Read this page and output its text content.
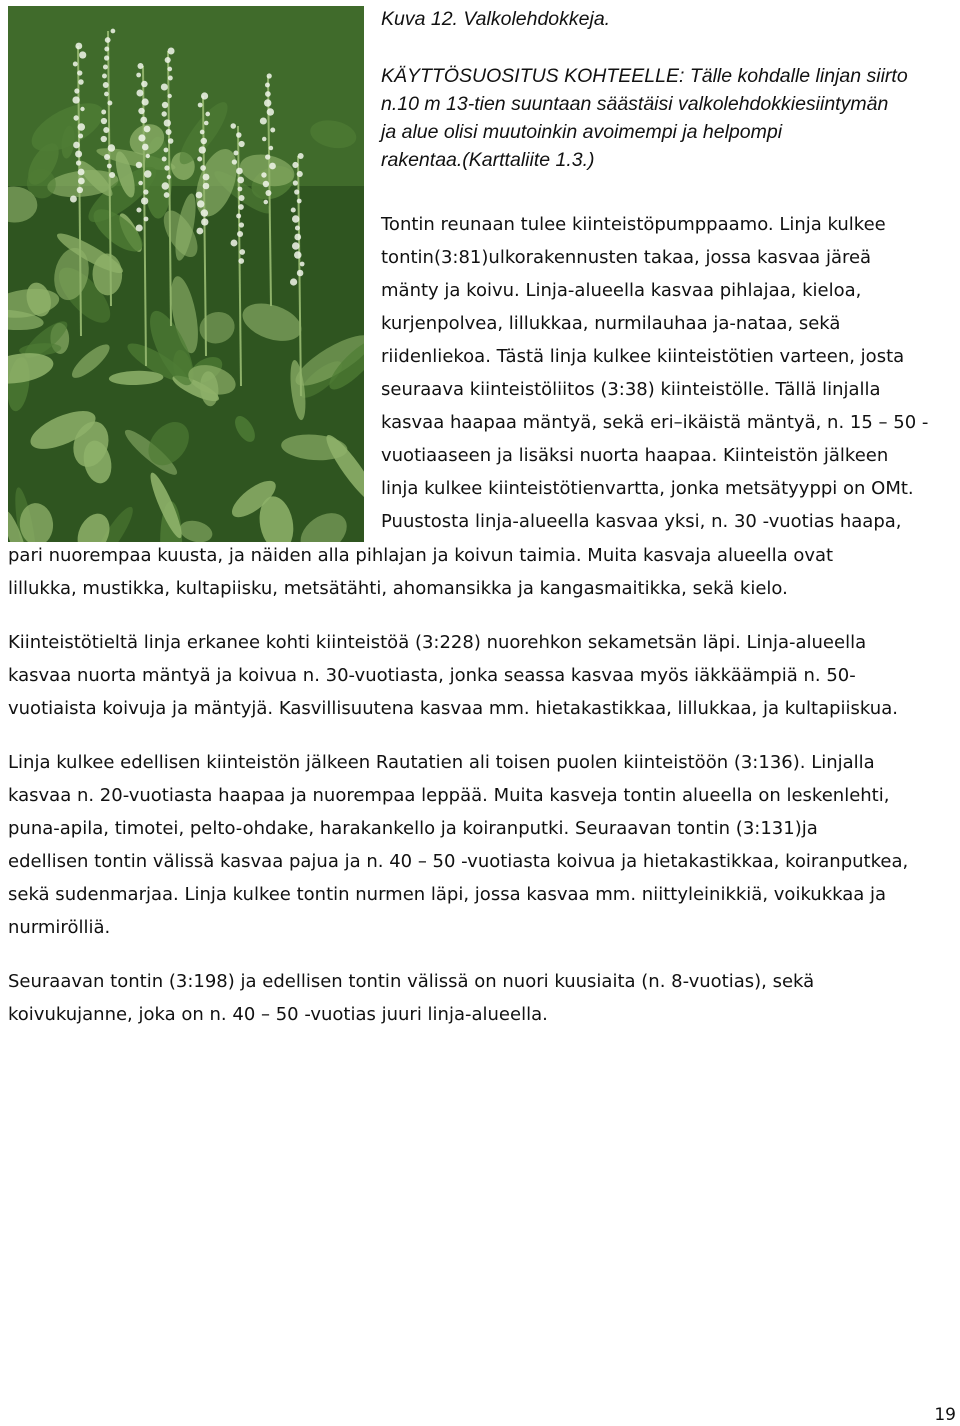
Kuva 12. Valkolehdokkeja.

KÄYTTÖSUOSITUS KOHTEELLE: Tälle kohdalle linjan siirto

n.10 m 13-tien suuntaan säästäisi valkolehdokkiesiintymän

ja alue olisi muutoinkin avoimempi ja helpompi

rakentaa.(Karttaliite 1.3.)

Tontin reunaan tulee kiinteistöpumppaamo. Linja kulkee
tontin(3:81)ulkorakennusten takaa, jossa kasvaa järeä
mänty ja koivu. Linja-alueella kasvaa pihlajaa, kieloa,
kurjenpolvea, lillukkaa, nurmilauhaa ja-nataa, sekä
riidenliekoa. Tästä linja kulkee kiinteistötien varteen, josta
seuraava kiinteistöliitos (3:38) kiinteistölle. Tällä linjalla
kasvaa haapaa mäntyä, sekä eri–ikäistä mäntyä, n. 15 – 50 -
vuotiaaseen ja lisäksi nuorta haapaa. Kiinteistön jälkeen
linja kulkee kiinteistötienvartta, jonka metsätyyppi on OMt.
Puustosta linja-alueella kasvaa yksi, n. 30 -vuotias haapa,

pari nuorempaa kuusta, ja näiden alla pihlajan ja koivun taimia. Muita kasvaja alueella ovat
lillukka, mustikka, kultapiisku, metsätähti, ahomansikka ja kangasmaitikka, sekä kielo.

Kiinteistötieltä linja erkanee kohti kiinteistöä (3:228) nuorehkon sekametsän läpi. Linja-alueella
kasvaa nuorta mäntyä ja koivua n. 30-vuotiasta, jonka seassa kasvaa myös iäkkäämpiä n. 50-
vuotiaista koivuja ja mäntyjä. Kasvillisuutena kasvaa mm. hietakastikkaa, lillukkaa, ja kultapiiskua.

Linja kulkee edellisen kiinteistön jälkeen Rautatien ali toisen puolen kiinteistöön (3:136). Linjalla
kasvaa n. 20-vuotiasta haapaa ja nuorempaa leppää. Muita kasveja tontin alueella on leskenlehti,
puna-apila, timotei, pelto-ohdake, harakankello ja koiranputki. Seuraavan tontin (3:131)ja
edellisen tontin välissä kasvaa pajua ja n. 40 – 50 -vuotiasta koivua ja hietakastikkaa, koiranputkea,
sekä sudenmarjaa. Linja kulkee tontin nurmen läpi, jossa kasvaa mm. niittyleinikkiä, voikukkaa ja
nurmirölliä.

Seuraavan tontin (3:198) ja edellisen tontin välissä on nuori kuusiaita (n. 8-vuotias), sekä
koivukujanne, joka on n. 40 – 50 -vuotias juuri linja-alueella.

19
